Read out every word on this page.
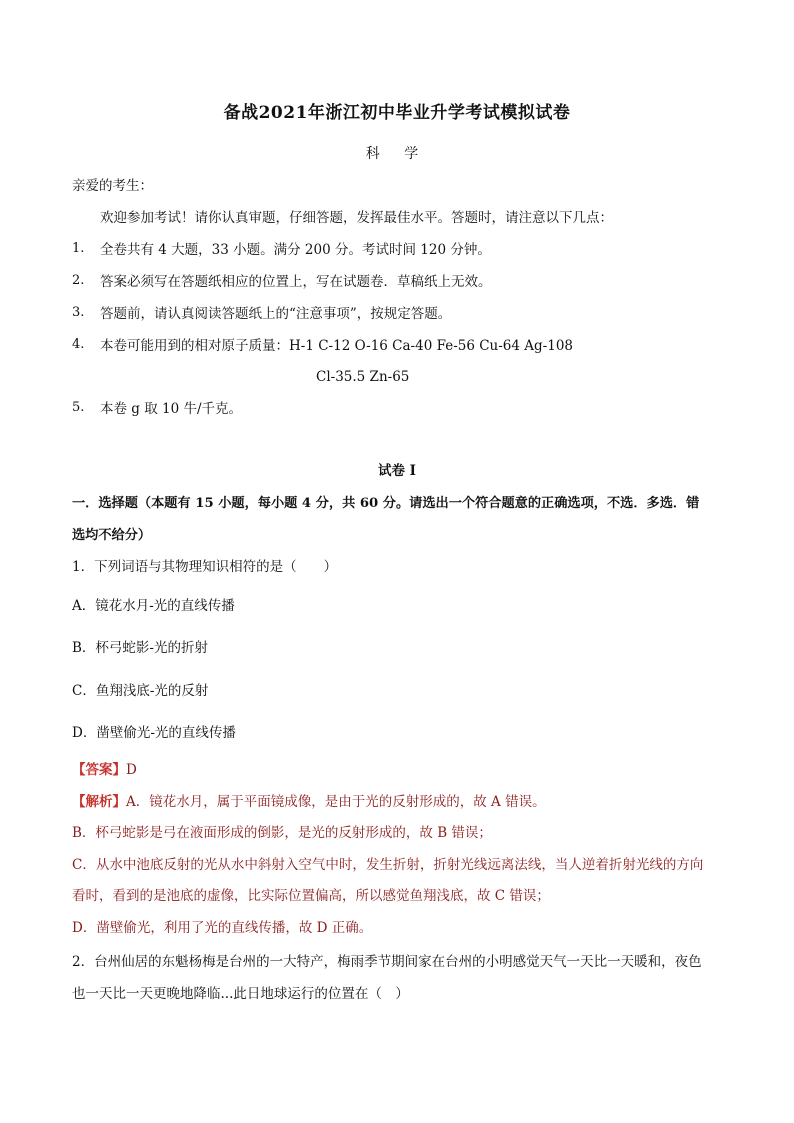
备战2021年浙江初中毕业升学考试模拟试卷
科 学
亲爱的考生：
欢迎参加考试！请你认真审题，仔细答题，发挥最佳水平。答题时，请注意以下几点：
1. 全卷共有 4 大题，33 小题。满分 200 分。考试时间 120 分钟。
2. 答案必须写在答题纸相应的位置上，写在试题卷．草稿纸上无效。
3. 答题前，请认真阅读答题纸上的“注意事项”，按规定答题。
4. 本卷可能用到的相对原子质量：H-1 C-12 O-16 Ca-40 Fe-56 Cu-64 Ag-108
Cl-35.5 Zn-65
5. 本卷 g 取 10 牛/千克。
试卷 I
一．选择题（本题有 15 小题，每小题 4 分，共 60 分。请选出一个符合题意的正确选项，不选．多选．错
选均不给分）
1．下列词语与其物理知识相符的是（　　）
A．镜花水月-光的直线传播
B．杯弓蛇影-光的折射
C．鱼翔浅底-光的反射
D．凿壁偷光-光的直线传播
【答案】D
【解析】A．镜花水月，属于平面镜成像，是由于光的反射形成的，故 A 错误。
B．杯弓蛇影是弓在液面形成的倒影，是光的反射形成的，故 B 错误；
C．从水中池底反射的光从水中斜射入空气中时，发生折射，折射光线远离法线，当人逆着折射光线的方向
看时，看到的是池底的虚像，比实际位置偏高，所以感觉鱼翔浅底，故 C 错误；
D．凿壁偷光，利用了光的直线传播，故 D 正确。
2．台州仙居的东魁杨梅是台州的一大特产，梅雨季节期间家在台州的小明感觉天气一天比一天暖和，夜色
也一天比一天更晚地降临...此日地球运行的位置在（　）
